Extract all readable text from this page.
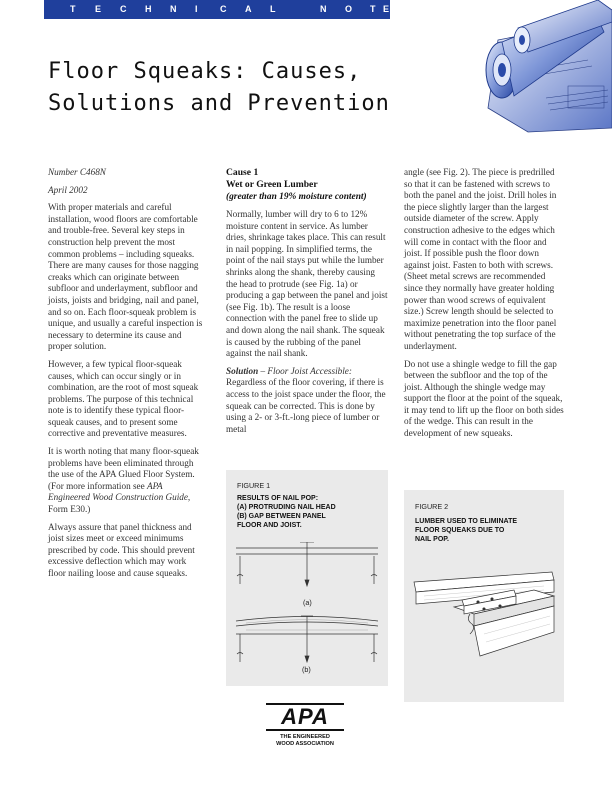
T E C H N I C A L	N O T E
Floor Squeaks: Causes,
Solutions and Prevention
Number C468N
April 2002

With proper materials and careful installation, wood floors are comfortable and trouble-free. Several key steps in construction help prevent the most common problems – including squeaks. There are many causes for those nagging creaks which can originate between subfloor and underlayment, subfloor and joists, joists and bridging, nail and panel, and so on. Each floor-squeak problem is unique, and usually a careful inspection is necessary to determine its cause and proper solution.

However, a few typical floor-squeak causes, which can occur singly or in combination, are the root of most squeak problems. The purpose of this technical note is to identify these typical floor-squeak causes, and to present some corrective and preventative measures.

It is worth noting that many floor-squeak problems have been eliminated through the use of the APA Glued Floor System. (For more information see APA Engineered Wood Construction Guide, Form E30.)

Always assure that panel thickness and joist sizes meet or exceed minimums prescribed by code. This should prevent excessive deflection which may work floor nailing loose and cause squeaks.

Cause 1
Wet or Green Lumber
(greater than 19% moisture content)

Normally, lumber will dry to 6 to 12% moisture content in service. As lumber dries, shrinkage takes place. This can result in nail popping. In simplified terms, the point of the nail stays put while the lumber shrinks along the shank, thereby causing the head to protrude (see Fig. 1a) or producing a gap between the panel and joist (see Fig. 1b). The result is a loose connection with the panel free to slide up and down along the nail shank. The squeak is caused by the rubbing of the panel against the nail shank.

Solution – Floor Joist Accessible: Regardless of the floor covering, if there is access to the joist space under the floor, the squeak can be corrected. This is done by using a 2- or 3-ft.-long piece of lumber or metal

angle (see Fig. 2). The piece is predrilled so that it can be fastened with screws to both the panel and the joist. Drill holes in the piece slightly larger than the largest outside diameter of the screw. Apply construction adhesive to the edges which will come in contact with the floor and joist. If possible push the floor down against joist. Fasten to both with screws. (Sheet metal screws are recommended since they normally have greater holding power than wood screws of equivalent size.) Screw length should be selected to maximize penetration into the floor panel without penetrating the top surface of the underlayment.

Do not use a shingle wedge to fill the gap between the subfloor and the top of the joist. Although the shingle wedge may support the floor at the point of the squeak, it may tend to lift up the floor on both sides of the wedge. This can result in the development of new squeaks.

FIGURE 1
RESULTS OF NAIL POP:
(A) PROTRUDING NAIL HEAD
(B) GAP BETWEEN PANEL
FLOOR AND JOIST.
(a)
(b)
FIGURE 2
LUMBER USED TO ELIMINATE
FLOOR SQUEAKS DUE TO
NAIL POP.
APA
THE ENGINEERED
WOOD ASSOCIATION
